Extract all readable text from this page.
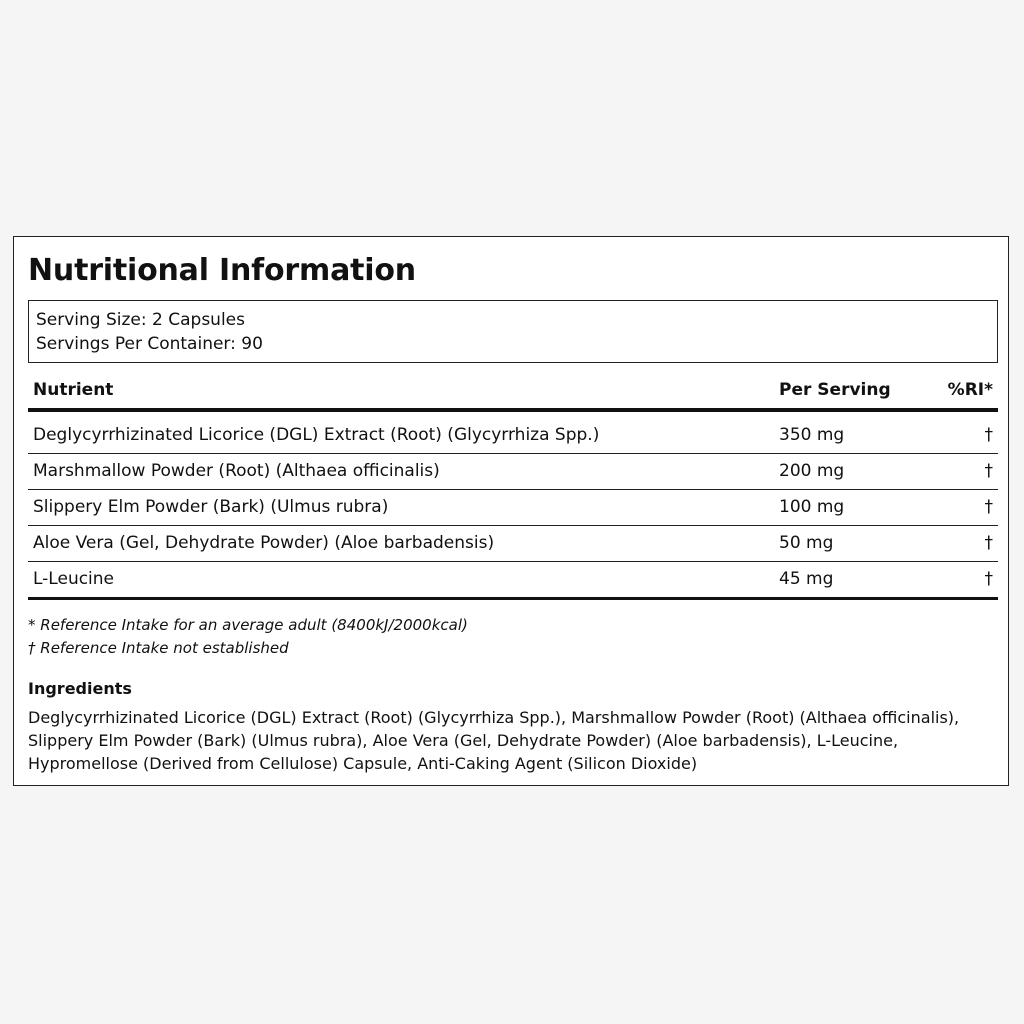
Nutritional Information
Serving Size: 2 Capsules
Servings Per Container: 90
Nutrient	Per Serving	%RI*
Deglycyrrhizinated Licorice (DGL) Extract (Root) (Glycyrrhiza Spp.)	350 mg	†
Marshmallow Powder (Root) (Althaea officinalis)	200 mg	†
Slippery Elm Powder (Bark) (Ulmus rubra)	100 mg	†
Aloe Vera (Gel, Dehydrate Powder) (Aloe barbadensis)	50 mg	†
L-Leucine	45 mg	†
* Reference Intake for an average adult (8400kJ/2000kcal)
† Reference Intake not established
Ingredients
Deglycyrrhizinated Licorice (DGL) Extract (Root) (Glycyrrhiza Spp.), Marshmallow Powder (Root) (Althaea officinalis), Slippery Elm Powder (Bark) (Ulmus rubra), Aloe Vera (Gel, Dehydrate Powder) (Aloe barbadensis), L-Leucine, Hypromellose (Derived from Cellulose) Capsule, Anti-Caking Agent (Silicon Dioxide)
